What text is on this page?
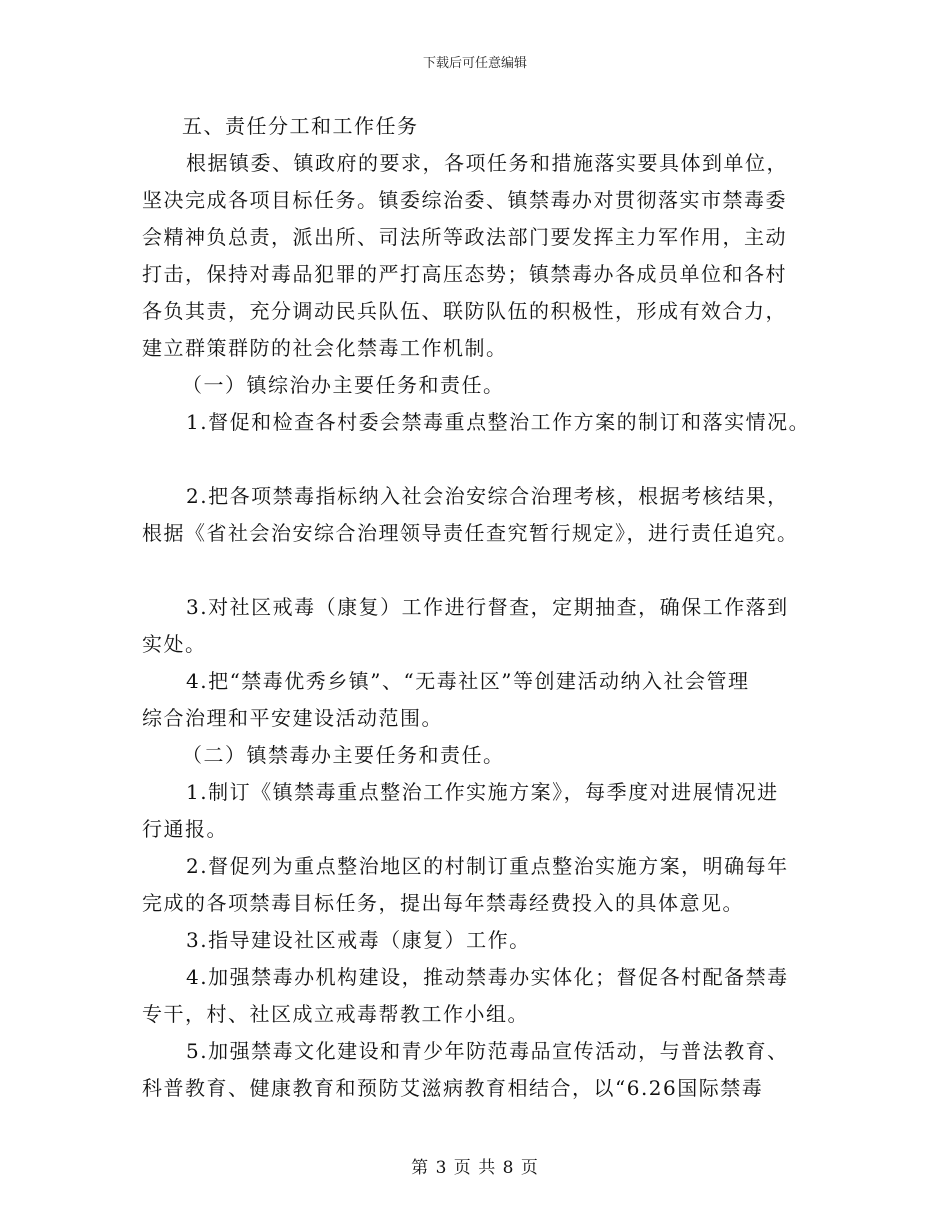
下载后可任意编辑
五、责任分工和工作任务
根据镇委、镇政府的要求，各项任务和措施落实要具体到单位，
坚决完成各项目标任务。镇委综治委、镇禁毒办对贯彻落实市禁毒委
会精神负总责，派出所、司法所等政法部门要发挥主力军作用，主动
打击，保持对毒品犯罪的严打高压态势；镇禁毒办各成员单位和各村
各负其责，充分调动民兵队伍、联防队伍的积极性，形成有效合力，
建立群策群防的社会化禁毒工作机制。
（一）镇综治办主要任务和责任。
1.督促和检查各村委会禁毒重点整治工作方案的制订和落实情况。
2.把各项禁毒指标纳入社会治安综合治理考核，根据考核结果，
根据《省社会治安综合治理领导责任查究暂行规定》，进行责任追究。
3.对社区戒毒（康复）工作进行督查，定期抽查，确保工作落到
实处。
4.把“禁毒优秀乡镇”、“无毒社区”等创建活动纳入社会管理
综合治理和平安建设活动范围。
（二）镇禁毒办主要任务和责任。
1.制订《镇禁毒重点整治工作实施方案》，每季度对进展情况进
行通报。
2.督促列为重点整治地区的村制订重点整治实施方案，明确每年
完成的各项禁毒目标任务，提出每年禁毒经费投入的具体意见。
3.指导建设社区戒毒（康复）工作。
4.加强禁毒办机构建设，推动禁毒办实体化；督促各村配备禁毒
专干，村、社区成立戒毒帮教工作小组。
5.加强禁毒文化建设和青少年防范毒品宣传活动，与普法教育、
科普教育、健康教育和预防艾滋病教育相结合，以“6.26国际禁毒
第 3 页 共 8 页
